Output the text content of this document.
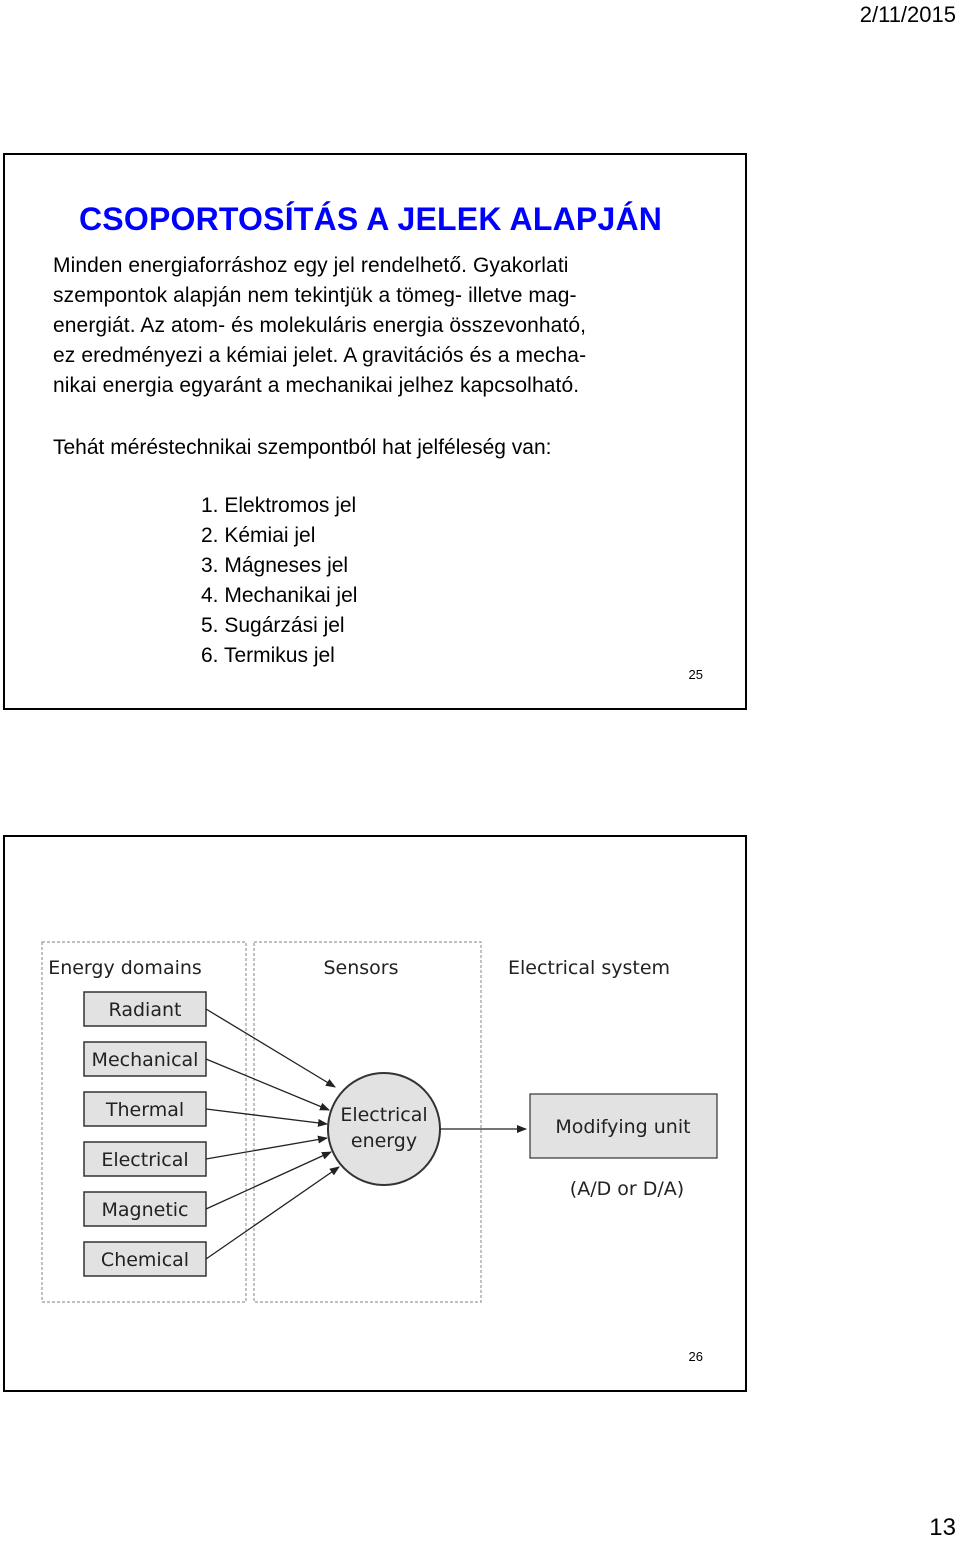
2/11/2015
CSOPORTOSÍTÁS A JELEK ALAPJÁN

Minden energiaforráshoz egy jel rendelhető. Gyakorlati
szempontok alapján nem tekintjük a tömeg- illetve mag-
energiát. Az atom- és molekuláris energia összevonható,
ez eredményezi a kémiai jelet. A gravitációs és a mecha-
nikai energia egyaránt a mechanikai jelhez kapcsolható.

Tehát méréstechnikai szempontból hat jelféleség van:
1. Elektromos jel
2. Kémiai jel
3. Mágneses jel
4. Mechanikai jel
5. Sugárzási jel
6. Termikus jel
25
Energy domains	Sensors	Electrical system
Radiant
Mechanical
Thermal
Electrical
Magnetic
Chemical
Electrical
energy
Modifying unit
(A/D or D/A)
26
13
